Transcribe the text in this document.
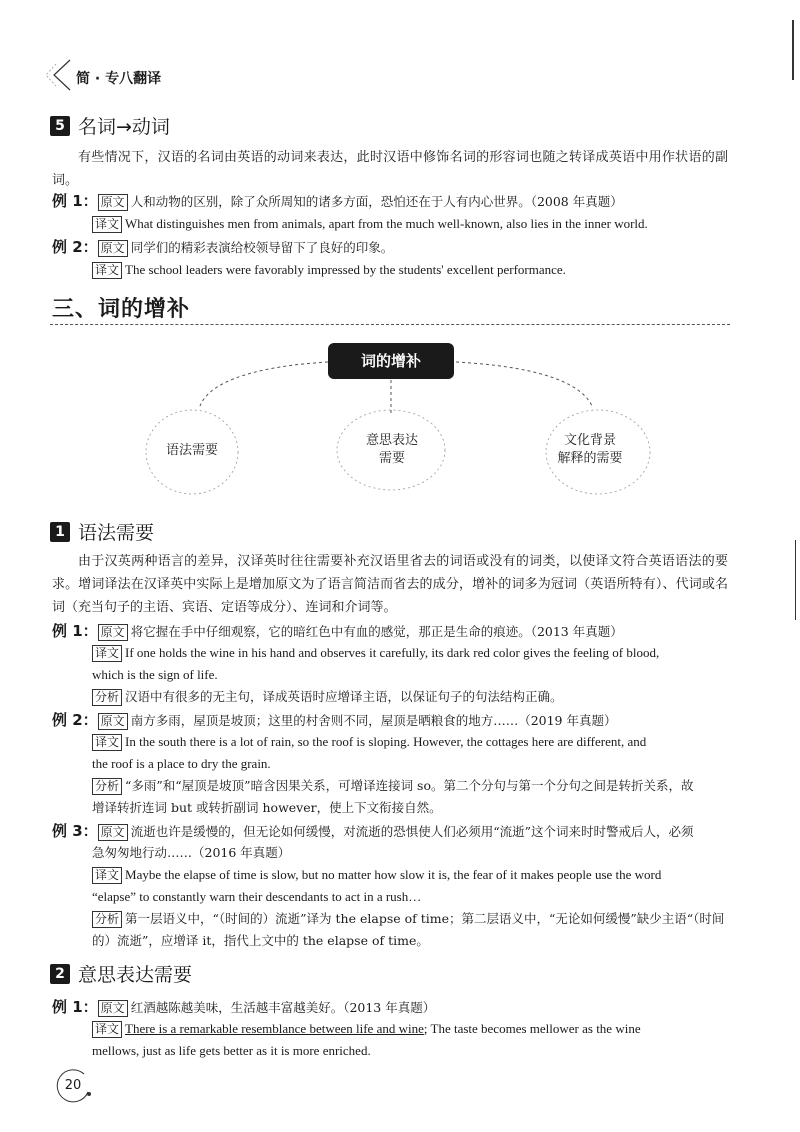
简 · 专八翻译
5 名词→动词
有些情况下，汉语的名词由英语的动词来表达，此时汉语中修饰名词的形容词也随之转译成英语中用作状语的副词。
例 1： 原文 人和动物的区别，除了众所周知的诸多方面，恐怕还在于人有内心世界。（2008 年真题）
译文 What distinguishes men from animals, apart from the much well-known, also lies in the inner world.
例 2： 原文 同学们的精彩表演给校领导留下了良好的印象。
译文 The school leaders were favorably impressed by the students' excellent performance.
三、词的增补
词的增补
语法需要
意思表达
需要
文化背景
解释的需要
1 语法需要
由于汉英两种语言的差异，汉译英时往往需要补充汉语里省去的词语或没有的词类，以使译文符合英语语法的要求。增词译法在汉译英中实际上是增加原文为了语言简洁而省去的成分，增补的词多为冠词（英语所特有）、代词或名词（充当句子的主语、宾语、定语等成分）、连词和介词等。
例 1： 原文 将它握在手中仔细观察，它的暗红色中有血的感觉，那正是生命的痕迹。（2013 年真题）
译文 If one holds the wine in his hand and observes it carefully, its dark red color gives the feeling of blood,
which is the sign of life.
分析 汉语中有很多的无主句，译成英语时应增译主语，以保证句子的句法结构正确。
例 2： 原文 南方多雨，屋顶是坡顶；这里的村舍则不同，屋顶是晒粮食的地方……（2019 年真题）
译文 In the south there is a lot of rain, so the roof is sloping. However, the cottages here are different, and
the roof is a place to dry the grain.
分析 “多雨”和“屋顶是坡顶”暗含因果关系，可增译连接词 so。第二个分句与第一个分句之间是转折关系，故
增译转折连词 but 或转折副词 however，使上下文衔接自然。
例 3： 原文 流逝也许是缓慢的，但无论如何缓慢，对流逝的恐惧使人们必须用“流逝”这个词来时时警戒后人，必须
急匆匆地行动……（2016 年真题）
译文 Maybe the elapse of time is slow, but no matter how slow it is, the fear of it makes people use the word
“elapse” to constantly warn their descendants to act in a rush…
分析 第一层语义中，“（时间的）流逝”译为 the elapse of time；第二层语义中，“无论如何缓慢”缺少主语“（时间
的）流逝”，应增译 it，指代上文中的 the elapse of time。
2 意思表达需要
例 1： 原文 红酒越陈越美味，生活越丰富越美好。（2013 年真题）
译文 There is a remarkable resemblance between life and wine; The taste becomes mellower as the wine
mellows, just as life gets better as it is more enriched.
20
